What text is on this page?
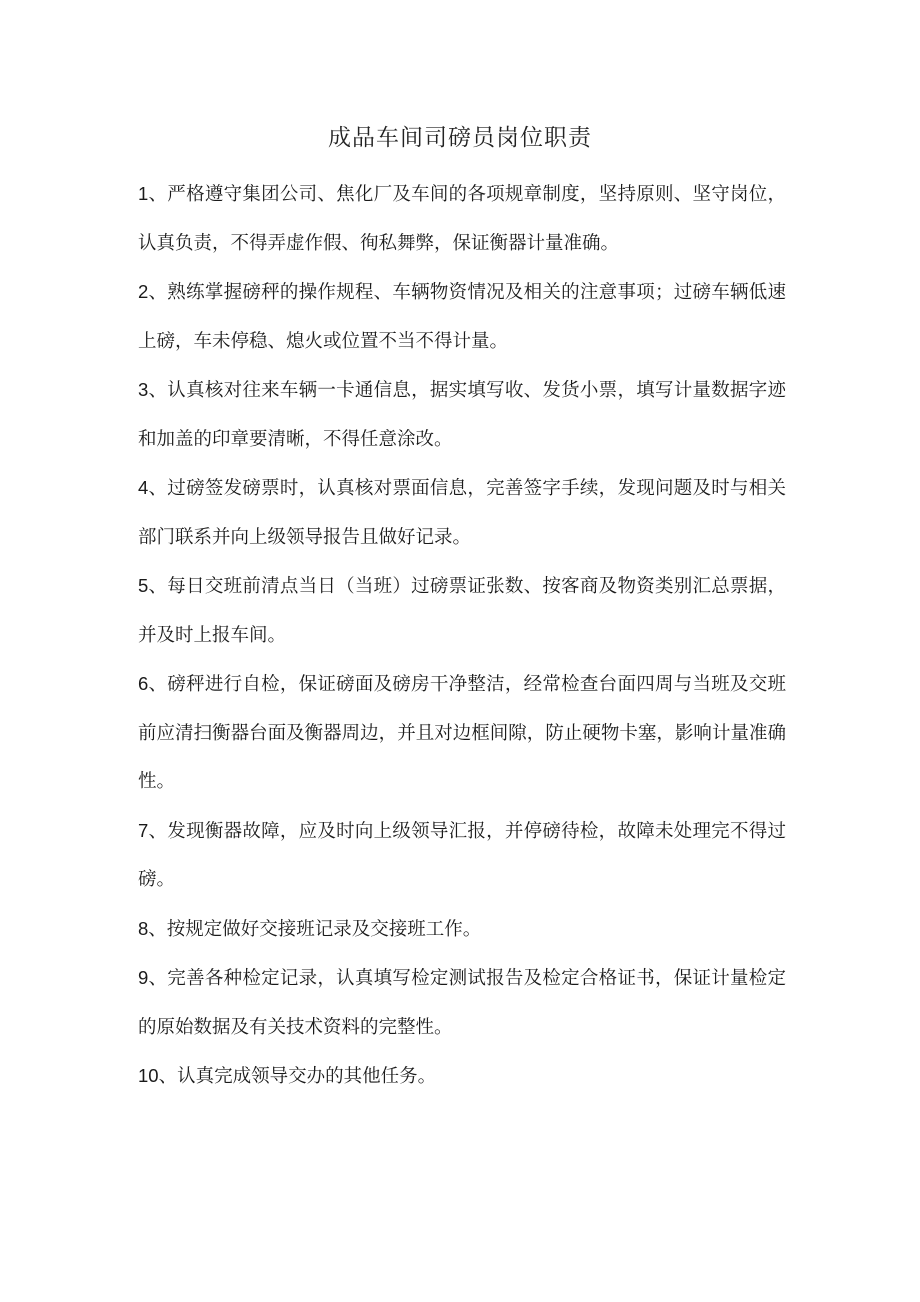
成品车间司磅员岗位职责

1、严格遵守集团公司、焦化厂及车间的各项规章制度，坚持原则、坚守岗位，认真负责，不得弄虚作假、徇私舞弊，保证衡器计量准确。

2、熟练掌握磅秤的操作规程、车辆物资情况及相关的注意事项；过磅车辆低速上磅，车未停稳、熄火或位置不当不得计量。

3、认真核对往来车辆一卡通信息，据实填写收、发货小票，填写计量数据字迹和加盖的印章要清晰，不得任意涂改。

4、过磅签发磅票时，认真核对票面信息，完善签字手续，发现问题及时与相关部门联系并向上级领导报告且做好记录。

5、每日交班前清点当日（当班）过磅票证张数、按客商及物资类别汇总票据，并及时上报车间。

6、磅秤进行自检，保证磅面及磅房干净整洁，经常检查台面四周与当班及交班前应清扫衡器台面及衡器周边，并且对边框间隙，防止硬物卡塞，影响计量准确性。

7、发现衡器故障，应及时向上级领导汇报，并停磅待检，故障未处理完不得过磅。

8、按规定做好交接班记录及交接班工作。

9、完善各种检定记录，认真填写检定测试报告及检定合格证书，保证计量检定的原始数据及有关技术资料的完整性。

10、认真完成领导交办的其他任务。
